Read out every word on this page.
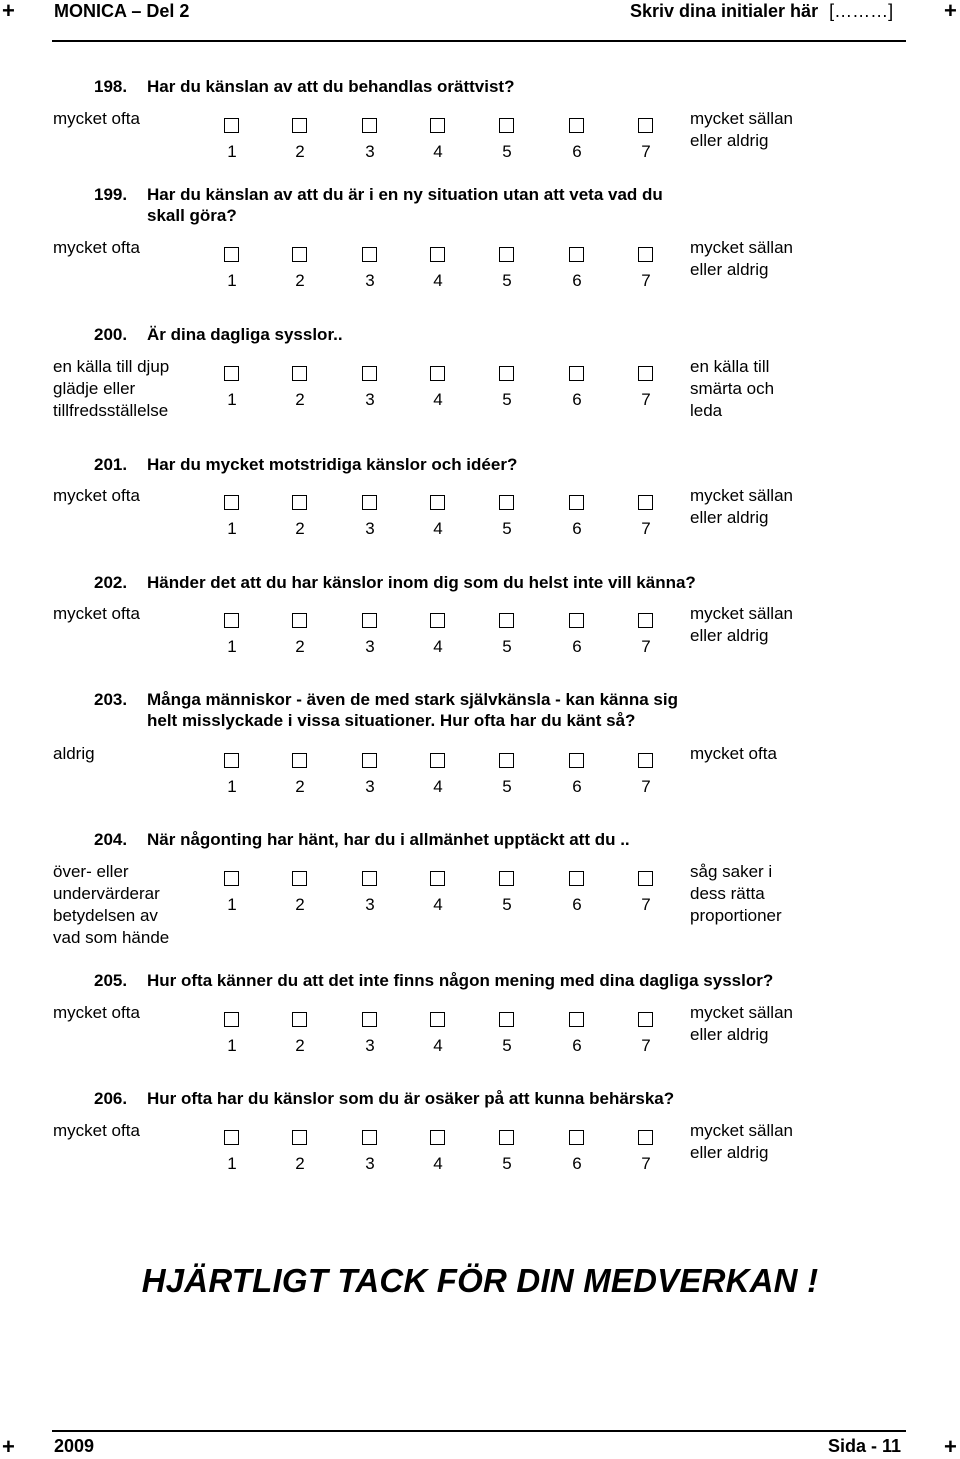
+	+
MONICA – Del 2	Skriv dina initialer här [………]
198. Har du känslan av att du behandlas orättvist?
mycket ofta	mycket sällan
eller aldrig
1	2	3	4	5	6	7
199. Har du känslan av att du är i en ny situation utan att veta vad du
skall göra?
mycket ofta	mycket sällan
eller aldrig
1	2	3	4	5	6	7
200. Är dina dagliga sysslor..
en källa till djup
glädje eller
tillfredsställelse
en källa till
smärta och
leda
1	2	3	4	5	6	7
201. Har du mycket motstridiga känslor och idéer?
mycket ofta	mycket sällan
eller aldrig
1	2	3	4	5	6	7
202. Händer det att du har känslor inom dig som du helst inte vill känna?
mycket ofta	mycket sällan
eller aldrig
1	2	3	4	5	6	7
203. Många människor - även de med stark självkänsla - kan känna sig
helt misslyckade i vissa situationer. Hur ofta har du känt så?
aldrig	mycket ofta
1	2	3	4	5	6	7
204. När någonting har hänt, har du i allmänhet upptäckt att du ..
över- eller
undervärderar
betydelsen av
vad som hände
såg saker i
dess rätta
proportioner
1	2	3	4	5	6	7
205. Hur ofta känner du att det inte finns någon mening med dina dagliga sysslor?
mycket ofta	mycket sällan
eller aldrig
1	2	3	4	5	6	7
206. Hur ofta har du känslor som du är osäker på att kunna behärska?
mycket ofta	mycket sällan
eller aldrig
1	2	3	4	5	6	7
HJÄRTLIGT TACK FÖR DIN MEDVERKAN !
+	+
2009	Sida - 11
